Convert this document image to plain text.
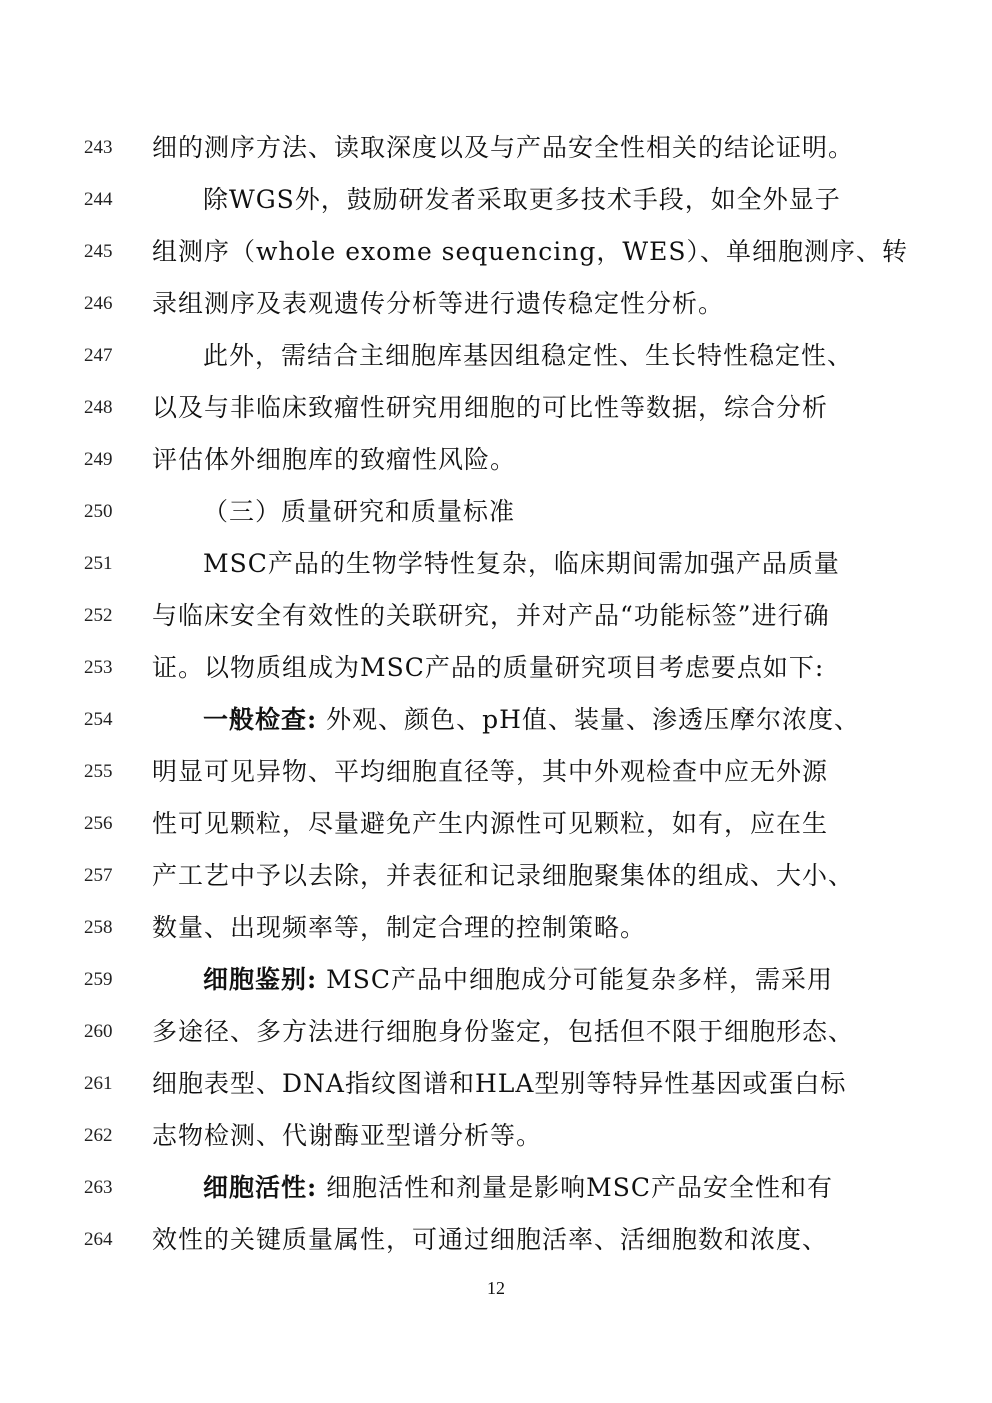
243	细的测序方法、读取深度以及与产品安全性相关的结论证明。
244	除WGS外，鼓励研发者采取更多技术手段，如全外显子
245	组测序（whole exome sequencing，WES）、单细胞测序、转
246	录组测序及表观遗传分析等进行遗传稳定性分析。
247	此外，需结合主细胞库基因组稳定性、生长特性稳定性、
248	以及与非临床致瘤性研究用细胞的可比性等数据，综合分析
249	评估体外细胞库的致瘤性风险。
250	（三）质量研究和质量标准
251	MSC产品的生物学特性复杂，临床期间需加强产品质量
252	与临床安全有效性的关联研究，并对产品“功能标签”进行确
253	证。以物质组成为MSC产品的质量研究项目考虑要点如下:
254	一般检查: 外观、颜色、pH值、装量、渗透压摩尔浓度、
255	明显可见异物、平均细胞直径等，其中外观检查中应无外源
256	性可见颗粒，尽量避免产生内源性可见颗粒，如有，应在生
257	产工艺中予以去除，并表征和记录细胞聚集体的组成、大小、
258	数量、出现频率等，制定合理的控制策略。
259	细胞鉴别: MSC产品中细胞成分可能复杂多样，需采用
260	多途径、多方法进行细胞身份鉴定，包括但不限于细胞形态、
261	细胞表型、DNA指纹图谱和HLA型别等特异性基因或蛋白标
262	志物检测、代谢酶亚型谱分析等。
263	细胞活性: 细胞活性和剂量是影响MSC产品安全性和有
264	效性的关键质量属性，可通过细胞活率、活细胞数和浓度、
12
